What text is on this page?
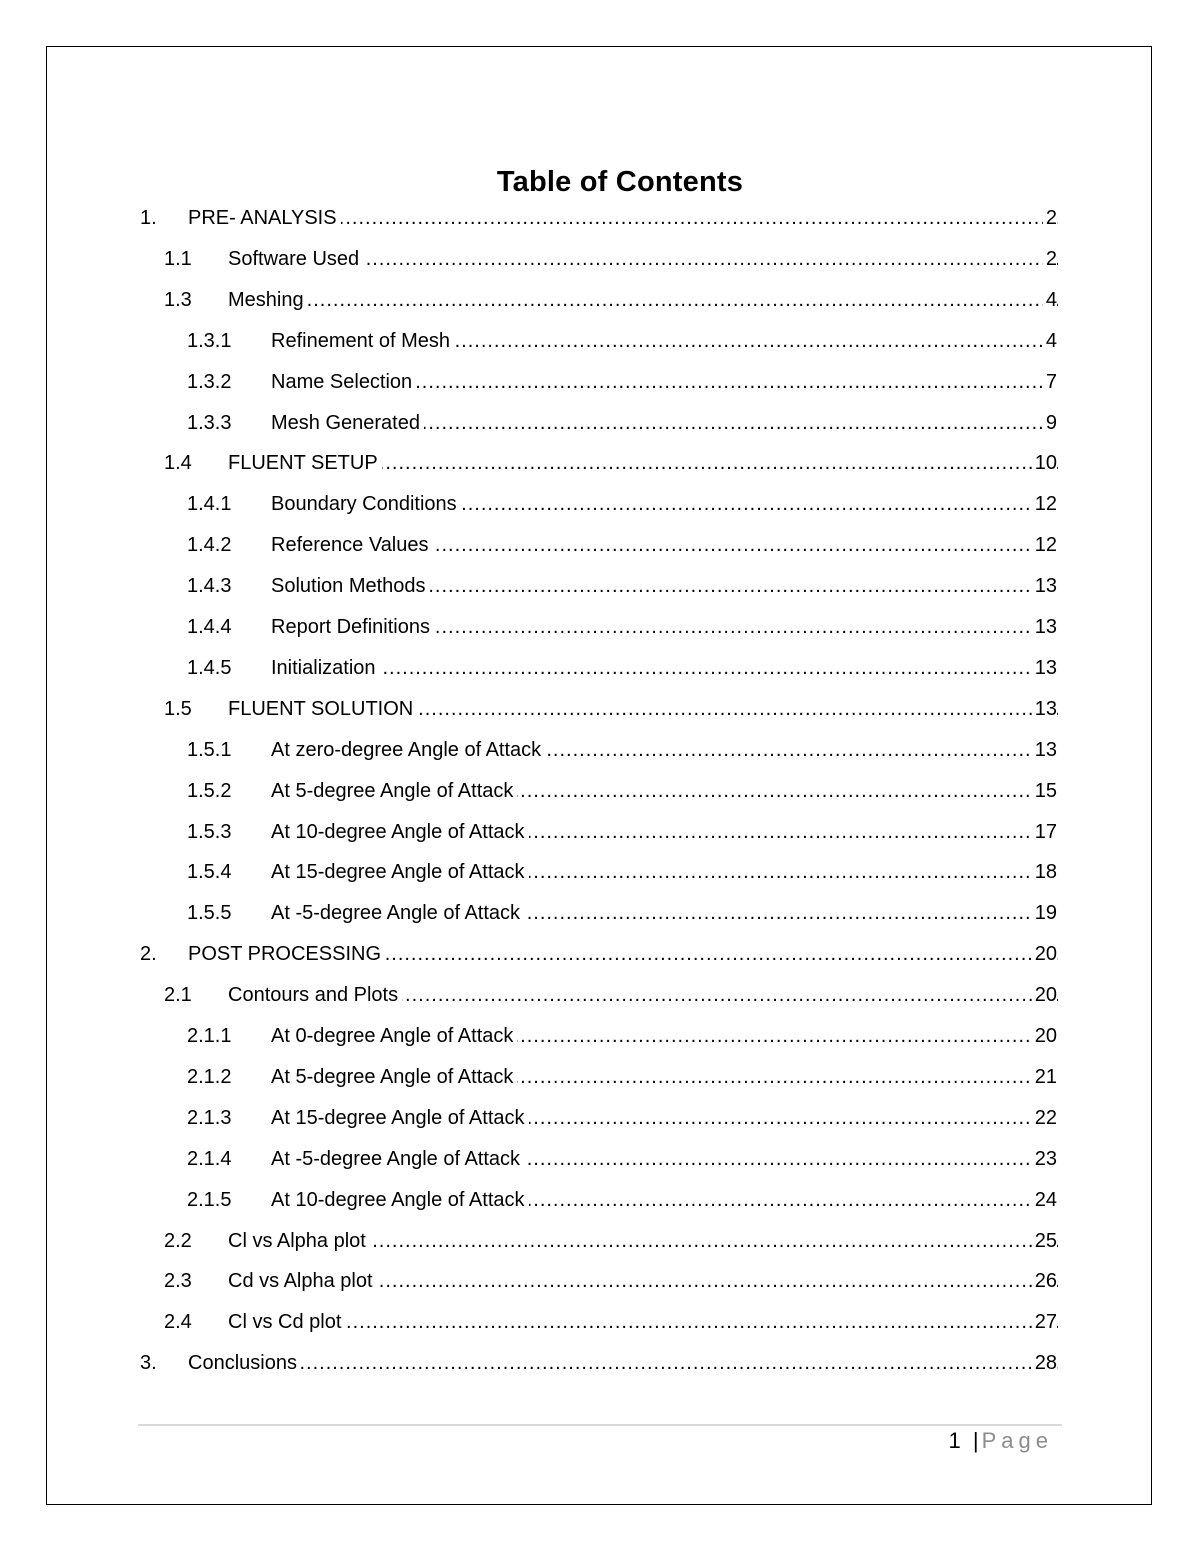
Table of Contents
1. ..... PRE- ANALYSIS	2
1.1 ..... Software Used	2
1.3 ..... Meshing	4
1.3.1 ..... Refinement of Mesh	4
1.3.2 ..... Name Selection	7
1.3.3 ..... Mesh Generated	9
1.4 ..... FLUENT SETUP	10
1.4.1 ..... Boundary Conditions	12
1.4.2 ..... Reference Values	12
1.4.3 ..... Solution Methods	13
1.4.4 ..... Report Definitions	13
1.4.5 ..... Initialization	13
1.5 ..... FLUENT SOLUTION	13
1.5.1 ..... At zero-degree Angle of Attack	13
1.5.2 ..... At 5-degree Angle of Attack	15
1.5.3 ..... At 10-degree Angle of Attack	17
1.5.4 ..... At 15-degree Angle of Attack	18
1.5.5 ..... At -5-degree Angle of Attack	19
2. ..... POST PROCESSING	20
2.1 ..... Contours and Plots	20
2.1.1 ..... At 0-degree Angle of Attack	20
2.1.2 ..... At 5-degree Angle of Attack	21
2.1.3 ..... At 15-degree Angle of Attack	22
2.1.4 ..... At -5-degree Angle of Attack	23
2.1.5 ..... At 10-degree Angle of Attack	24
2.2 ..... Cl vs Alpha plot	25
2.3 ..... Cd vs Alpha plot	26
2.4 ..... Cl vs Cd plot	27
3. ..... Conclusions	28
1 |Page
